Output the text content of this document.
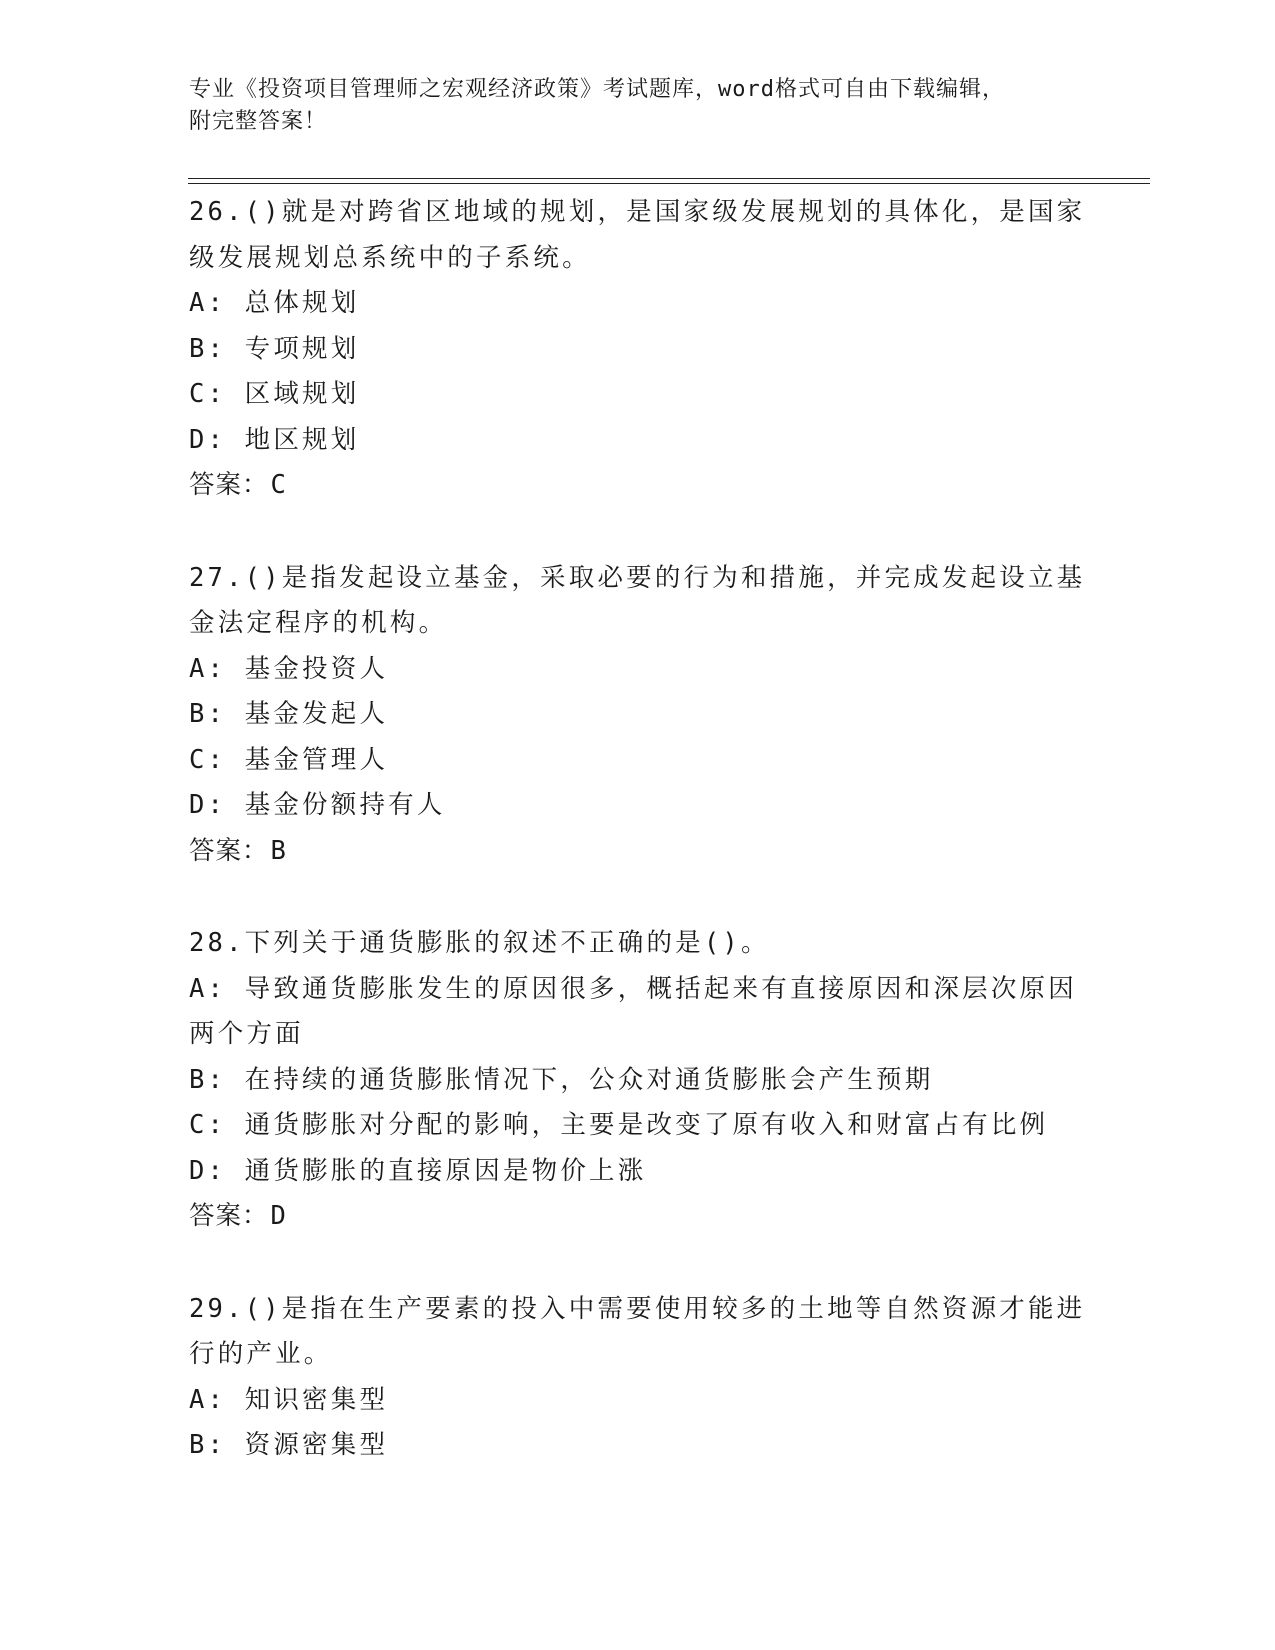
专业《投资项目管理师之宏观经济政策》考试题库，word格式可自由下载编辑，
附完整答案！

26.()就是对跨省区地域的规划，是国家级发展规划的具体化，是国家级发展规划总系统中的子系统。

A: 总体规划

B: 专项规划

C: 区域规划

D: 地区规划

答案：C

27.()是指发起设立基金，采取必要的行为和措施，并完成发起设立基金法定程序的机构。

A: 基金投资人

B: 基金发起人

C: 基金管理人

D: 基金份额持有人

答案：B

28.下列关于通货膨胀的叙述不正确的是()。

A: 导致通货膨胀发生的原因很多，概括起来有直接原因和深层次原因两个方面

B: 在持续的通货膨胀情况下，公众对通货膨胀会产生预期

C: 通货膨胀对分配的影响，主要是改变了原有收入和财富占有比例

D: 通货膨胀的直接原因是物价上涨

答案：D

29.()是指在生产要素的投入中需要使用较多的土地等自然资源才能进行的产业。

A: 知识密集型

B: 资源密集型
